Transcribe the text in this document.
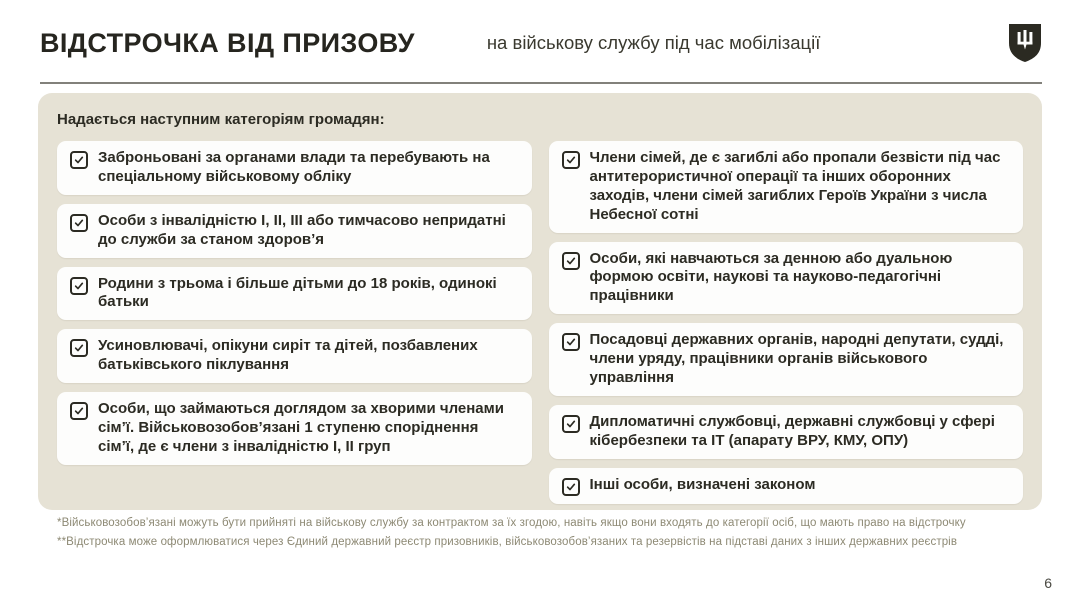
ВІДСТРОЧКА ВІД ПРИЗОВУ	на військову службу під час мобілізації
Надається наступним категоріям громадян:
Заброньовані за органами влади та перебувають на спеціальному військовому обліку
Особи з інвалідністю І, ІІ, ІІІ або тимчасово непридатні до служби за станом здоров’я
Родини з трьома і більше дітьми до 18 років, одинокі батьки
Усиновлювачі, опікуни сиріт та дітей, позбавлених батьківського піклування
Особи, що займаються доглядом за хворими членами сім’ї. Військовозобов’язані 1 ступеню споріднення сім’ї, де є члени з інвалідністю І, ІІ груп
Члени сімей, де є загиблі або пропали безвісти під час антитерористичної операції та інших оборонних заходів, члени сімей загиблих Героїв України з числа Небесної сотні
Особи, які навчаються за денною або дуальною формою освіти, наукові та науково-педагогічні працівники
Посадовці державних органів, народні депутати, судді, члени уряду, працівники органів військового управління
Дипломатичні службовці, державні службовці у сфері кібербезпеки та ІТ (апарату ВРУ, КМУ, ОПУ)
Інші особи, визначені законом

*Військовозобов’язані можуть бути прийняті на військову службу за контрактом за їх згодою, навіть якщо вони входять до категорії осіб, що мають право на відстрочку

**Відстрочка може оформлюватися через Єдиний державний реєстр призовників, військовозобов’язаних та резервістів на підставі даних з інших державних реєстрів

6
